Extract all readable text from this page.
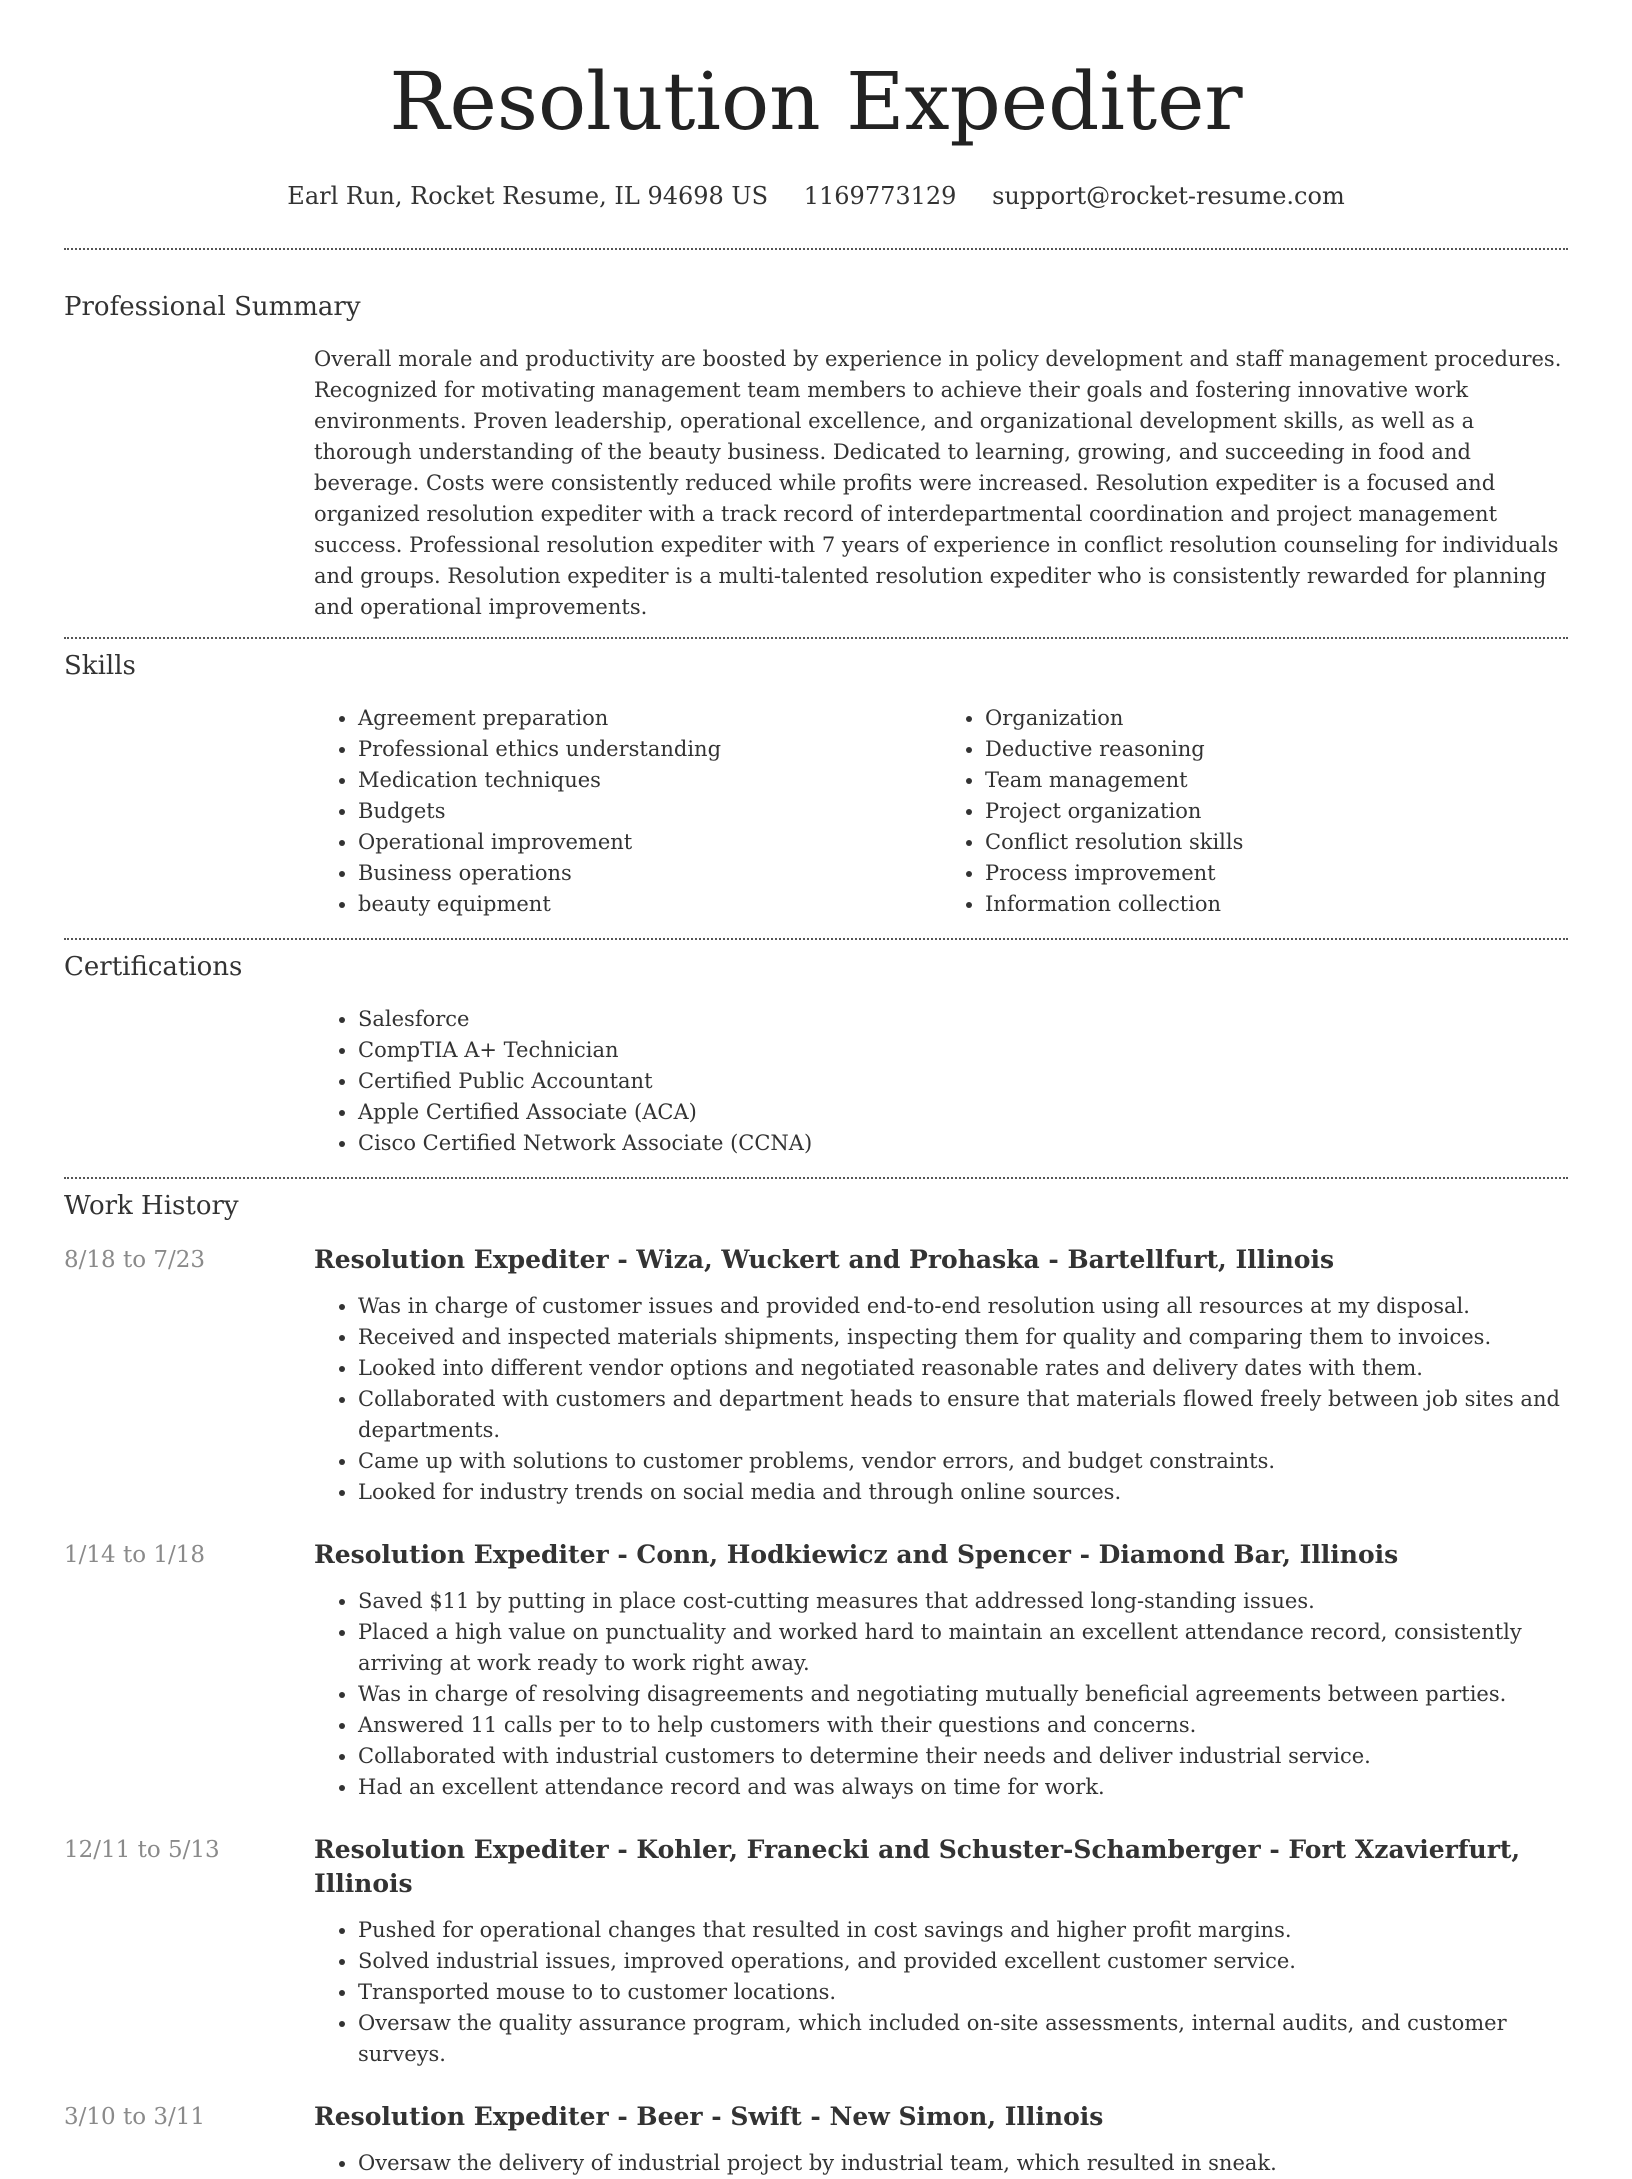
Resolution Expediter
Earl Run, Rocket Resume, IL 94698 US 1169773129 support@rocket-resume.com
Professional Summary
Overall morale and productivity are boosted by experience in policy development and staff management procedures. Recognized for motivating management team members to achieve their goals and fostering innovative work environments. Proven leadership, operational excellence, and organizational development skills, as well as a thorough understanding of the beauty business. Dedicated to learning, growing, and succeeding in food and beverage. Costs were consistently reduced while profits were increased. Resolution expediter is a focused and organized resolution expediter with a track record of interdepartmental coordination and project management success. Professional resolution expediter with 7 years of experience in conflict resolution counseling for individuals and groups. Resolution expediter is a multi-talented resolution expediter who is consistently rewarded for planning and operational improvements.
Skills
• Agreement preparation
• Professional ethics understanding
• Medication techniques
• Budgets
• Operational improvement
• Business operations
• beauty equipment
• Organization
• Deductive reasoning
• Team management
• Project organization
• Conflict resolution skills
• Process improvement
• Information collection
Certifications
• Salesforce
• CompTIA A+ Technician
• Certified Public Accountant
• Apple Certified Associate (ACA)
• Cisco Certified Network Associate (CCNA)
Work History
8/18 to 7/23	Resolution Expediter - Wiza, Wuckert and Prohaska - Bartellfurt, Illinois
• Was in charge of customer issues and provided end-to-end resolution using all resources at my disposal.
• Received and inspected materials shipments, inspecting them for quality and comparing them to invoices.
• Looked into different vendor options and negotiated reasonable rates and delivery dates with them.
• Collaborated with customers and department heads to ensure that materials flowed freely between job sites and departments.
• Came up with solutions to customer problems, vendor errors, and budget constraints.
• Looked for industry trends on social media and through online sources.
1/14 to 1/18	Resolution Expediter - Conn, Hodkiewicz and Spencer - Diamond Bar, Illinois
• Saved $11 by putting in place cost-cutting measures that addressed long-standing issues.
• Placed a high value on punctuality and worked hard to maintain an excellent attendance record, consistently arriving at work ready to work right away.
• Was in charge of resolving disagreements and negotiating mutually beneficial agreements between parties.
• Answered 11 calls per to to help customers with their questions and concerns.
• Collaborated with industrial customers to determine their needs and deliver industrial service.
• Had an excellent attendance record and was always on time for work.
12/11 to 5/13	Resolution Expediter - Kohler, Franecki and Schuster-Schamberger - Fort Xzavierfurt, Illinois
• Pushed for operational changes that resulted in cost savings and higher profit margins.
• Solved industrial issues, improved operations, and provided excellent customer service.
• Transported mouse to to customer locations.
• Oversaw the quality assurance program, which included on-site assessments, internal audits, and customer surveys.
3/10 to 3/11	Resolution Expediter - Beer - Swift - New Simon, Illinois
• Oversaw the delivery of industrial project by industrial team, which resulted in sneak.
